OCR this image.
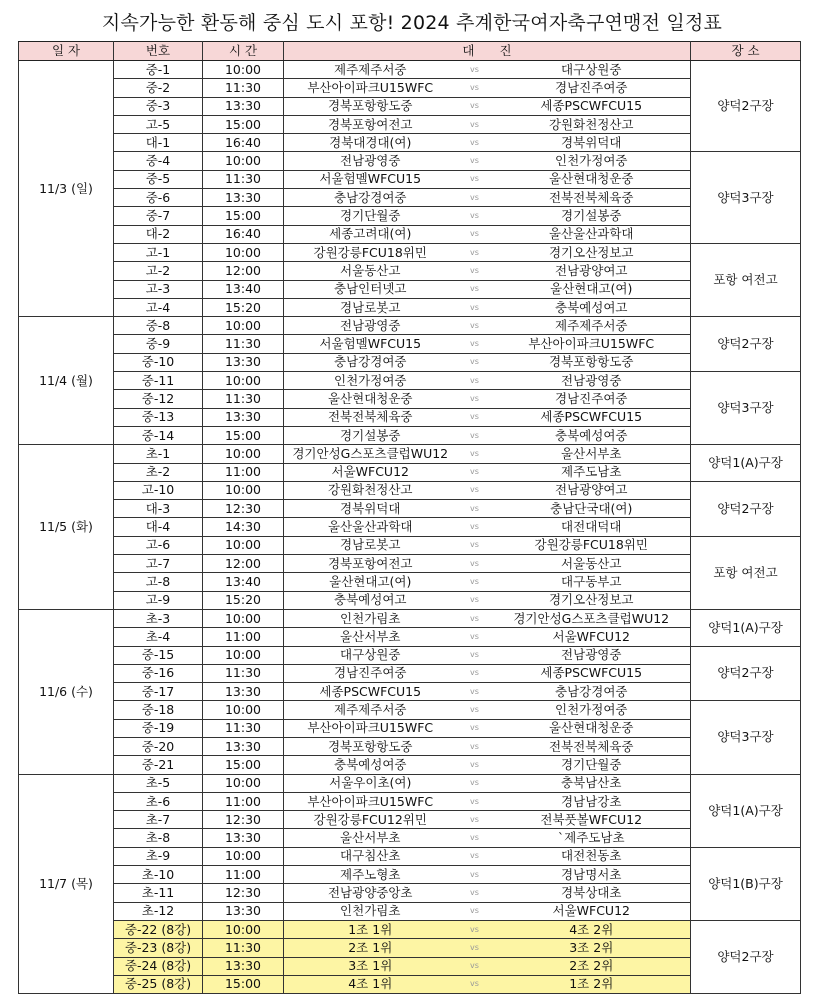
지속가능한 환동해 중심 도시 포항! 2024 추계한국여자축구연맹전 일정표
일 자	번호	시 간	대　　진			장 소
11/3 (일)	중-1	10:00	제주제주서중	vs	대구상원중	양덕2구장
	중-2	11:30	부산아이파크U15WFC	vs	경남진주여중	
	중-3	13:30	경북포항항도중	vs	세종PSCWFCU15	
	고-5	15:00	경북포항여전고	vs	강원화천정산고	
	대-1	16:40	경북대경대(여)	vs	경북위덕대	
	중-4	10:00	전남광영중	vs	인천가정여중	양덕3구장
	중-5	11:30	서울험멜WFCU15	vs	울산현대청운중	
	중-6	13:30	충남강경여중	vs	전북전북체육중	
	중-7	15:00	경기단월중	vs	경기설봉중	
	대-2	16:40	세종고려대(여)	vs	울산울산과학대	
	고-1	10:00	강원강릉FCU18위민	vs	경기오산정보고	포항 여전고
	고-2	12:00	서울동산고	vs	전남광양여고	
	고-3	13:40	충남인터넷고	vs	울산현대고(여)	
	고-4	15:20	경남로봇고	vs	충북예성여고	
11/4 (월)	중-8	10:00	전남광영중	vs	제주제주서중	양덕2구장
	중-9	11:30	서울험멜WFCU15	vs	부산아이파크U15WFC	
	중-10	13:30	충남강경여중	vs	경북포항항도중	
	중-11	10:00	인천가정여중	vs	전남광영중	양덕3구장
	중-12	11:30	울산현대청운중	vs	경남진주여중	
	중-13	13:30	전북전북체육중	vs	세종PSCWFCU15	
	중-14	15:00	경기설봉중	vs	충북예성여중	
11/5 (화)	초-1	10:00	경기안성G스포츠클럽WU12	vs	울산서부초	양덕1(A)구장
	초-2	11:00	서울WFCU12	vs	제주도남초	
	고-10	10:00	강원화천정산고	vs	전남광양여고	양덕2구장
	대-3	12:30	경북위덕대	vs	충남단국대(여)	
	대-4	14:30	울산울산과학대	vs	대전대덕대	
	고-6	10:00	경남로봇고	vs	강원강릉FCU18위민	포항 여전고
	고-7	12:00	경북포항여전고	vs	서울동산고	
	고-8	13:40	울산현대고(여)	vs	대구동부고	
	고-9	15:20	충북예성여고	vs	경기오산정보고	
11/6 (수)	초-3	10:00	인천가림초	vs	경기안성G스포츠클럽WU12	양덕1(A)구장
	초-4	11:00	울산서부초	vs	서울WFCU12	
	중-15	10:00	대구상원중	vs	전남광영중	양덕2구장
	중-16	11:30	경남진주여중	vs	세종PSCWFCU15	
	중-17	13:30	세종PSCWFCU15	vs	충남강경여중	
	중-18	10:00	제주제주서중	vs	인천가정여중	양덕3구장
	중-19	11:30	부산아이파크U15WFC	vs	울산현대청운중	
	중-20	13:30	경북포항항도중	vs	전북전북체육중	
	중-21	15:00	충북예성여중	vs	경기단월중	
11/7 (목)	초-5	10:00	서울우이초(여)	vs	충북남산초	양덕1(A)구장
	초-6	11:00	부산아이파크U15WFC	vs	경남남강초	
	초-7	12:30	강원강릉FCU12위민	vs	전북풋볼WFCU12	
	초-8	13:30	울산서부초	vs	`제주도남초	
	초-9	10:00	대구침산초	vs	대전천동초	양덕1(B)구장
	초-10	11:00	제주노형초	vs	경남명서초	
	초-11	12:30	전남광양중앙초	vs	경북상대초	
	초-12	13:30	인천가림초	vs	서울WFCU12	
	중-22 (8강)	10:00	1조 1위	vs	4조 2위	양덕2구장
	중-23 (8강)	11:30	2조 1위	vs	3조 2위	
	중-24 (8강)	13:30	3조 1위	vs	2조 2위	
	중-25 (8강)	15:00	4조 1위	vs	1조 2위	
